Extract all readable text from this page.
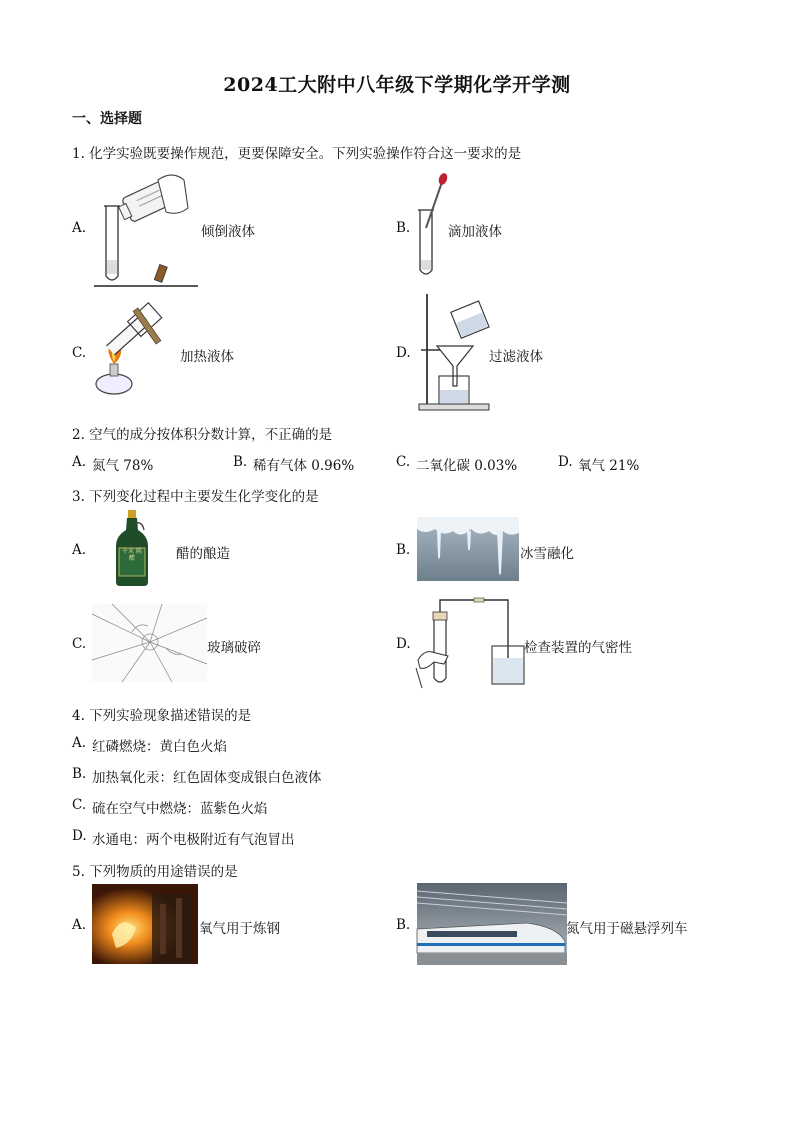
2024工大附中八年级下学期化学开学测
一、选择题
1. 化学实验既要操作规范，更要保障安全。下列实验操作符合这一要求的是
A.	倾倒液体	B.	滴加液体
C.	加热液体	D.	过滤液体
2. 空气的成分按体积分数计算，不正确的是
A. 氮气 78%	B. 稀有气体 0.96%	C. 二氧化碳 0.03%	D. 氧气 21%
3. 下列变化过程中主要发生化学变化的是
A.	千禾 陈醋	醋的酿造	B.	冰雪融化
C.	玻璃破碎	D.	检查装置的气密性
4. 下列实验现象描述错误的是
A. 红磷燃烧：黄白色火焰
B. 加热氧化汞：红色固体变成银白色液体
C. 硫在空气中燃烧：蓝紫色火焰
D. 水通电：两个电极附近有气泡冒出
5. 下列物质的用途错误的是
A.	氧气用于炼钢	B.	氮气用于磁悬浮列车
